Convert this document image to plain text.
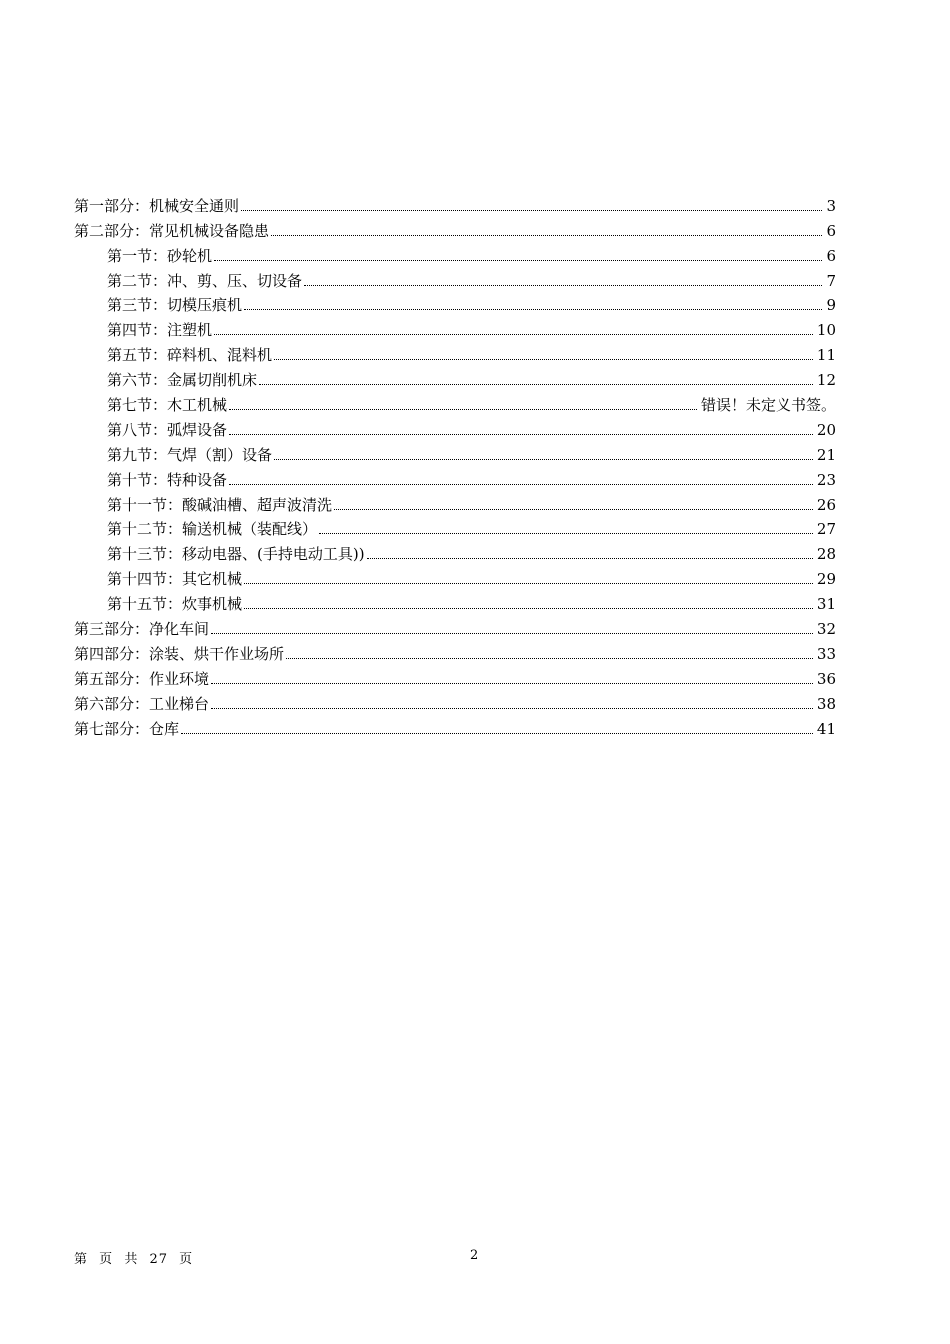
第一部分：机械安全通则	3
第二部分：常见机械设备隐患	6
第一节：砂轮机	6
第二节：冲、剪、压、切设备	7
第三节：切模压痕机	9
第四节：注塑机	10
第五节：碎料机、混料机	11
第六节：金属切削机床	12
第七节：木工机械	错误！未定义书签。
第八节：弧焊设备	20
第九节：气焊（割）设备	21
第十节：特种设备	23
第十一节：酸碱油槽、超声波清洗	26
第十二节：输送机械（装配线）	27
第十三节：移动电器、(手持电动工具))	28
第十四节：其它机械	29
第十五节：炊事机械	31
第三部分：净化车间	32
第四部分：涂装、烘干作业场所	33
第五部分：作业环境	36
第六部分：工业梯台	38
第七部分：仓库	41
第 页 共 27 页	2
